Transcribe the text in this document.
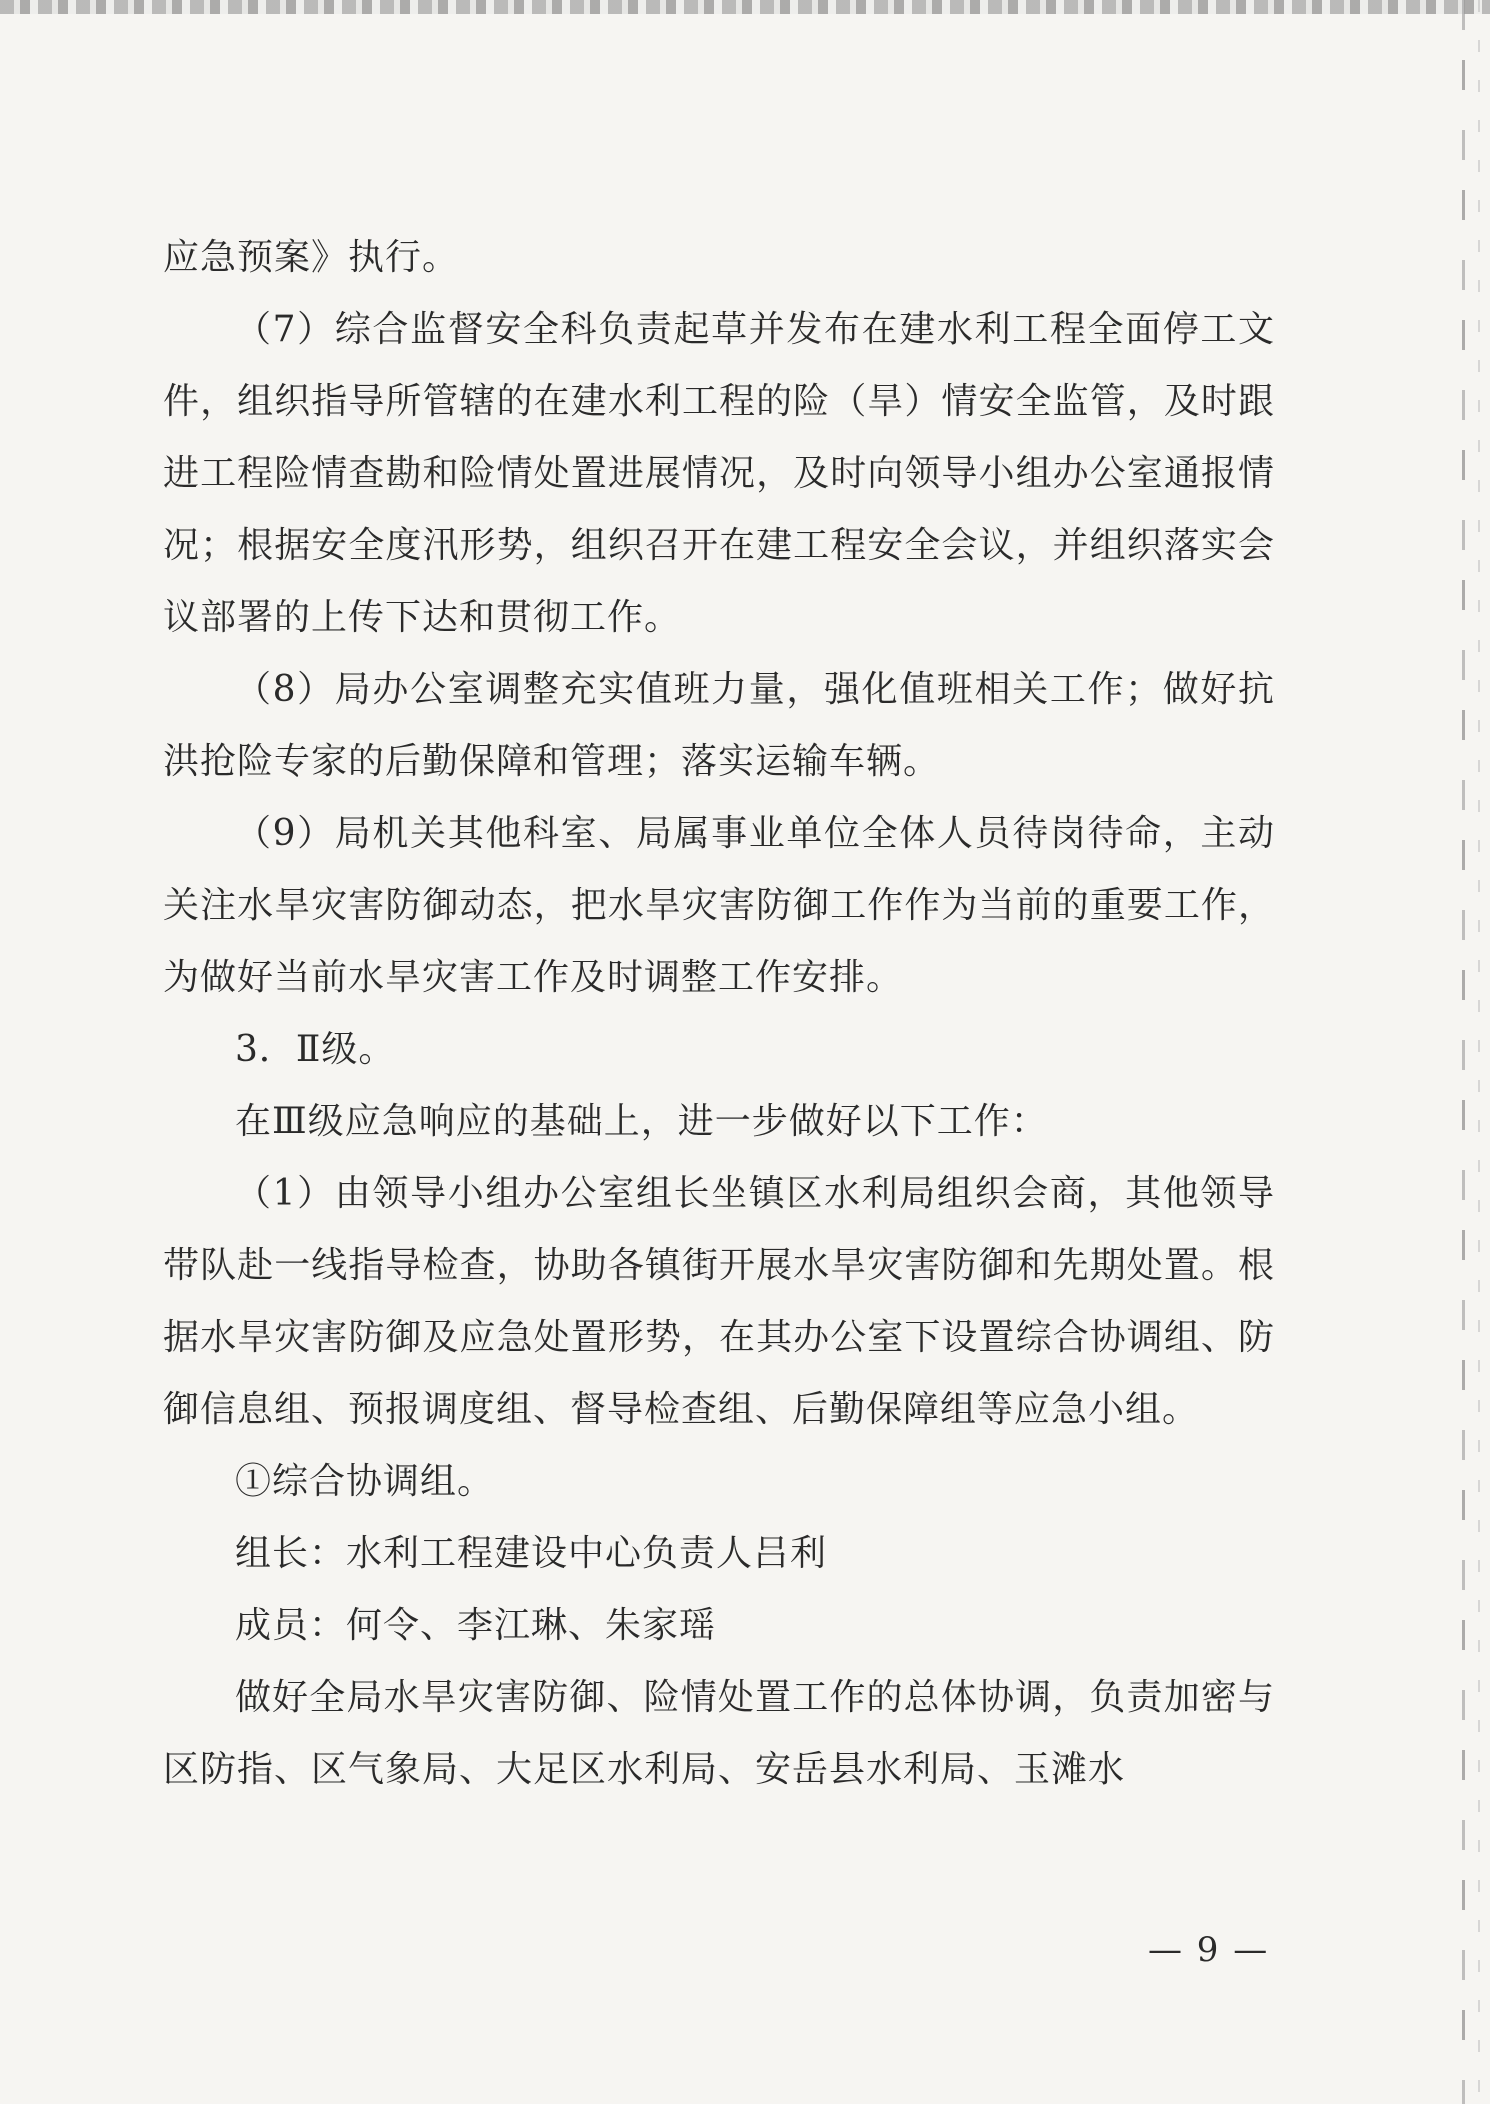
应急预案》执行。

（7）综合监督安全科负责起草并发布在建水利工程全面停工文件，组织指导所管辖的在建水利工程的险（旱）情安全监管，及时跟进工程险情查勘和险情处置进展情况，及时向领导小组办公室通报情况；根据安全度汛形势，组织召开在建工程安全会议，并组织落实会议部署的上传下达和贯彻工作。

（8）局办公室调整充实值班力量，强化值班相关工作；做好抗洪抢险专家的后勤保障和管理；落实运输车辆。

（9）局机关其他科室、局属事业单位全体人员待岗待命，主动关注水旱灾害防御动态，把水旱灾害防御工作作为当前的重要工作，为做好当前水旱灾害工作及时调整工作安排。

3．Ⅱ级。

在Ⅲ级应急响应的基础上，进一步做好以下工作：

（1）由领导小组办公室组长坐镇区水利局组织会商，其他领导带队赴一线指导检查，协助各镇街开展水旱灾害防御和先期处置。根据水旱灾害防御及应急处置形势，在其办公室下设置综合协调组、防御信息组、预报调度组、督导检查组、后勤保障组等应急小组。

①综合协调组。

组长：水利工程建设中心负责人吕利

成员：何令、李江琳、朱家瑶

做好全局水旱灾害防御、险情处置工作的总体协调，负责加密与区防指、区气象局、大足区水利局、安岳县水利局、玉滩水

— 9 —
